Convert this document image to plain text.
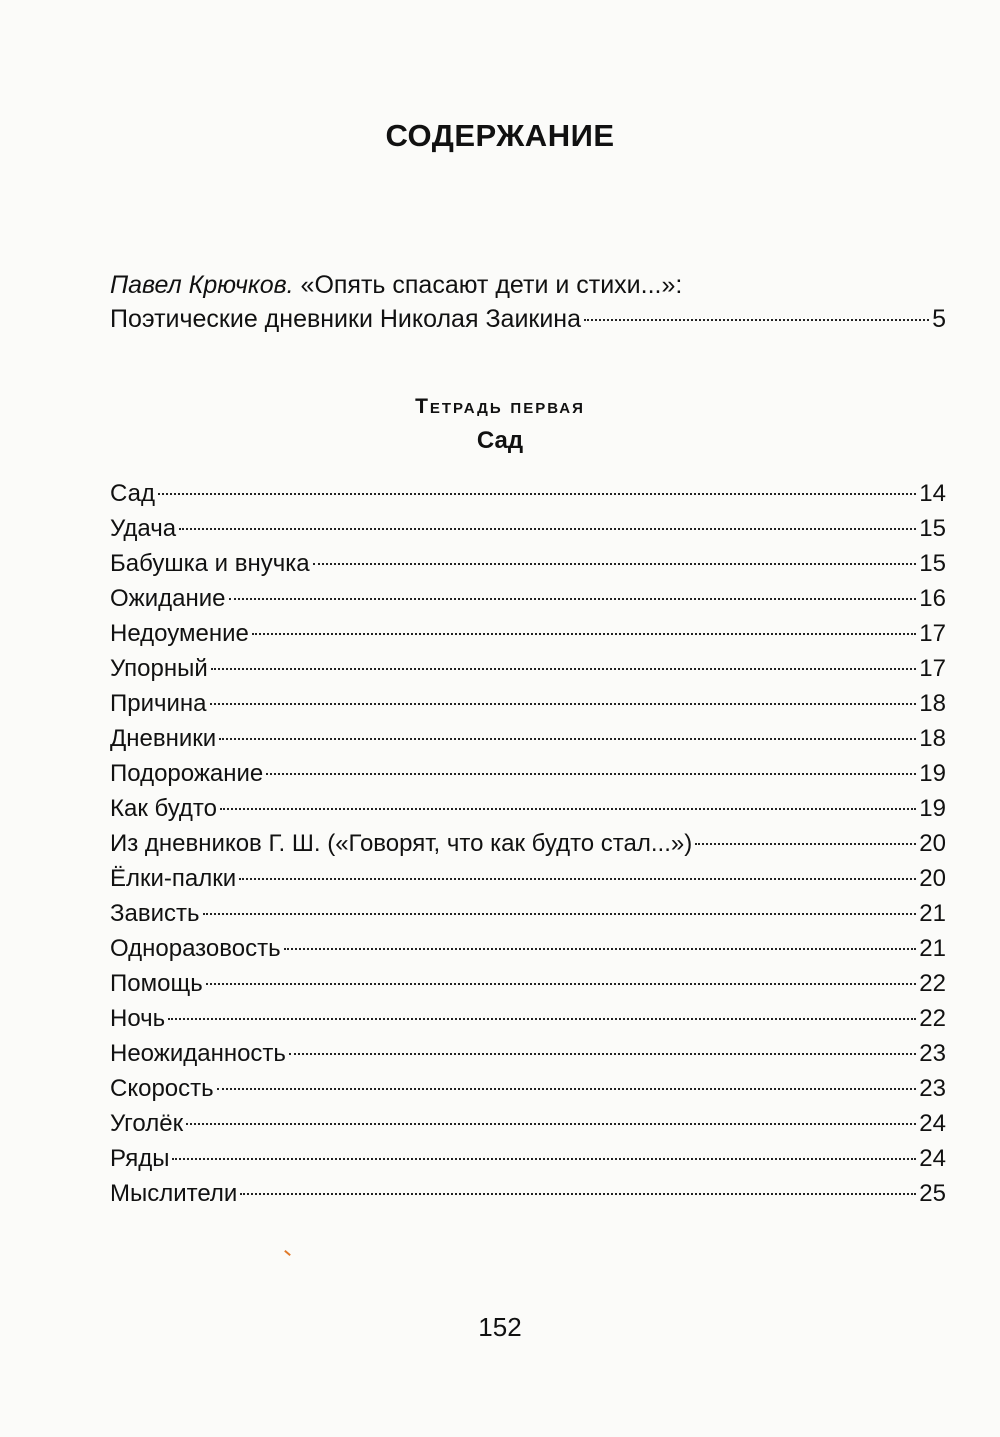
СОДЕРЖАНИЕ
Павел Крючков. «Опять спасают дети и стихи...»:
Поэтические дневники Николая Заикина	5
Тетрадь первая
Сад
Сад	14
Удача	15
Бабушка и внучка	15
Ожидание	16
Недоумение	17
Упорный	17
Причина	18
Дневники	18
Подорожание	19
Как будто	19
Из дневников Г. Ш. («Говорят, что как будто стал...»)	20
Ёлки-палки	20
Зависть	21
Одноразовость	21
Помощь	22
Ночь	22
Неожиданность	23
Скорость	23
Уголёк	24
Ряды	24
Мыслители	25
152
